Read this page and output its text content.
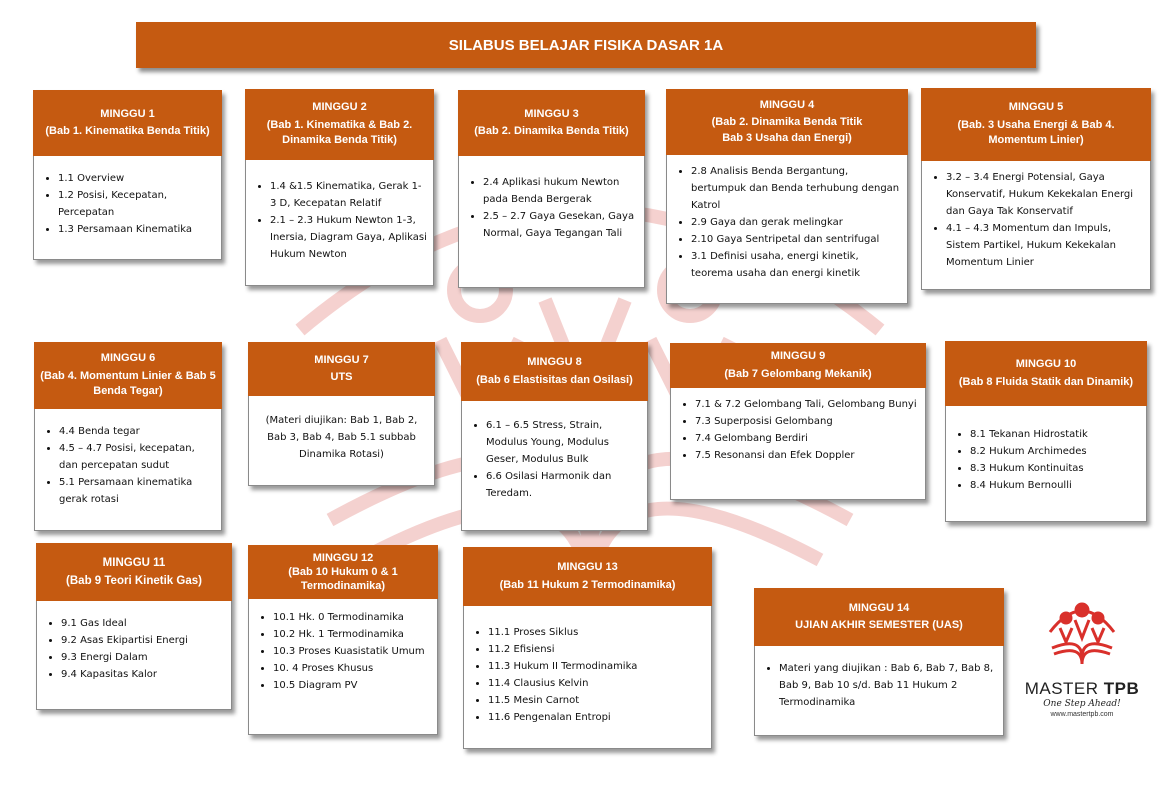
SILABUS BELAJAR FISIKA DASAR 1A
MINGGU 1
(Bab 1. Kinematika Benda Titik)
• 1.1 Overview
• 1.2 Posisi, Kecepatan, Percepatan
• 1.3 Persamaan Kinematika
MINGGU 2
(Bab 1. Kinematika & Bab 2. Dinamika Benda Titik)
• 1.4 &1.5 Kinematika, Gerak 1-3 D, Kecepatan Relatif
• 2.1 – 2.3 Hukum Newton 1-3, Inersia, Diagram Gaya, Aplikasi Hukum Newton
MINGGU 3
(Bab 2. Dinamika Benda Titik)
• 2.4 Aplikasi hukum Newton pada Benda Bergerak
• 2.5 – 2.7 Gaya Gesekan, Gaya Normal, Gaya Tegangan Tali
MINGGU 4
(Bab 2. Dinamika Benda Titik Bab 3 Usaha dan Energi)
• 2.8 Analisis Benda Bergantung, bertumpuk dan Benda terhubung dengan Katrol
• 2.9 Gaya dan gerak melingkar
• 2.10 Gaya Sentripetal dan sentrifugal
• 3.1 Definisi usaha, energi kinetik, teorema usaha dan energi kinetik
MINGGU 5
(Bab. 3 Usaha Energi & Bab 4. Momentum Linier)
• 3.2 – 3.4 Energi Potensial, Gaya Konservatif, Hukum Kekekalan Energi dan Gaya Tak Konservatif
• 4.1 – 4.3 Momentum dan Impuls, Sistem Partikel, Hukum Kekekalan Momentum Linier
MINGGU 6
(Bab 4. Momentum Linier & Bab 5 Benda Tegar)
• 4.4 Benda tegar
• 4.5 – 4.7 Posisi, kecepatan, dan percepatan sudut
• 5.1 Persamaan kinematika gerak rotasi
MINGGU 7
UTS
(Materi diujikan: Bab 1, Bab 2, Bab 3, Bab 4, Bab 5.1 subbab Dinamika Rotasi)
MINGGU 8
(Bab 6 Elastisitas dan Osilasi)
• 6.1 – 6.5 Stress, Strain, Modulus Young, Modulus Geser, Modulus Bulk
• 6.6 Osilasi Harmonik dan Teredam.
MINGGU 9
(Bab 7 Gelombang Mekanik)
• 7.1 & 7.2 Gelombang Tali, Gelombang Bunyi
• 7.3 Superposisi Gelombang
• 7.4 Gelombang Berdiri
• 7.5 Resonansi dan Efek Doppler
MINGGU 10
(Bab 8 Fluida Statik dan Dinamik)
• 8.1 Tekanan Hidrostatik
• 8.2 Hukum Archimedes
• 8.3 Hukum Kontinuitas
• 8.4 Hukum Bernoulli
MINGGU 11
(Bab 9 Teori Kinetik Gas)
• 9.1 Gas Ideal
• 9.2 Asas Ekipartisi Energi
• 9.3 Energi Dalam
• 9.4 Kapasitas Kalor
MINGGU 12
(Bab 10 Hukum 0 & 1 Termodinamika)
• 10.1 Hk. 0 Termodinamika
• 10.2 Hk. 1 Termodinamika
• 10.3 Proses Kuasistatik Umum
• 10. 4 Proses Khusus
• 10.5 Diagram PV
MINGGU 13
(Bab 11 Hukum 2 Termodinamika)
• 11.1 Proses Siklus
• 11.2 Efisiensi
• 11.3 Hukum II Termodinamika
• 11.4 Clausius Kelvin
• 11.5 Mesin Carnot
• 11.6 Pengenalan Entropi
MINGGU 14
UJIAN AKHIR SEMESTER (UAS)
• Materi yang diujikan : Bab 6, Bab 7, Bab 8, Bab 9, Bab 10 s/d. Bab 11 Hukum 2 Termodinamika
MASTER TPB
One Step Ahead!
www.mastertpb.com
